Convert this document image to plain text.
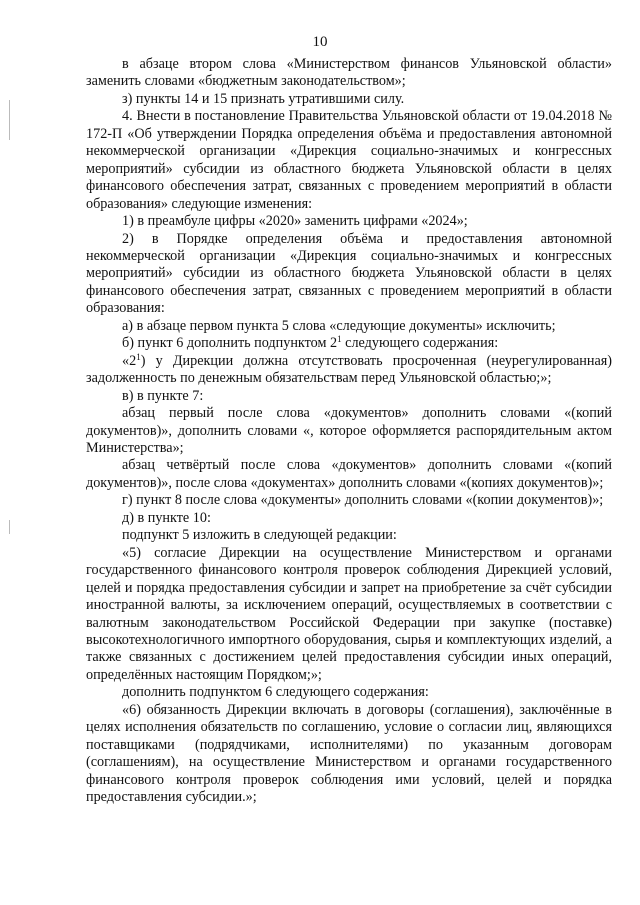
10

в абзаце втором слова «Министерством финансов Ульяновской области» заменить словами «бюджетным законодательством»;

з) пункты 14 и 15 признать утратившими силу.

4. Внести в постановление Правительства Ульяновской области от 19.04.2018 № 172-П «Об утверждении Порядка определения объёма и предоставления автономной некоммерческой организации «Дирекция социально-значимых и конгрессных мероприятий» субсидии из областного бюджета Ульяновской области в целях финансового обеспечения затрат, связанных с проведением мероприятий в области образования» следующие изменения:

1) в преамбуле цифры «2020» заменить цифрами «2024»;

2) в Порядке определения объёма и предоставления автономной некоммерческой организации «Дирекция социально-значимых и конгрессных мероприятий» субсидии из областного бюджета Ульяновской области в целях финансового обеспечения затрат, связанных с проведением мероприятий в области образования:

а) в абзаце первом пункта 5 слова «следующие документы» исключить;

б) пункт 6 дополнить подпунктом $2^1$ следующего содержания:

«$2^1$) у Дирекции должна отсутствовать просроченная (неурегулированная) задолженность по денежным обязательствам перед Ульяновской областью;»;

в) в пункте 7:

абзац первый после слова «документов» дополнить словами «(копий документов)», дополнить словами «, которое оформляется распорядительным актом Министерства»;

абзац четвёртый после слова «документов» дополнить словами «(копий документов)», после слова «документах» дополнить словами «(копиях документов)»;

г) пункт 8 после слова «документы» дополнить словами «(копии документов)»;

д) в пункте 10:

подпункт 5 изложить в следующей редакции:

«5) согласие Дирекции на осуществление Министерством и органами государственного финансового контроля проверок соблюдения Дирекцией условий, целей и порядка предоставления субсидии и запрет на приобретение за счёт субсидии иностранной валюты, за исключением операций, осуществляемых в соответствии с валютным законодательством Российской Федерации при закупке (поставке) высокотехнологичного импортного оборудования, сырья и комплектующих изделий, а также связанных с достижением целей предоставления субсидии иных операций, определённых настоящим Порядком;»;

дополнить подпунктом 6 следующего содержания:

«6) обязанность Дирекции включать в договоры (соглашения), заключённые в целях исполнения обязательств по соглашению, условие о согласии лиц, являющихся поставщиками (подрядчиками, исполнителями) по указанным договорам (соглашениям), на осуществление Министерством и органами государственного финансового контроля проверок соблюдения ими условий, целей и порядка предоставления субсидии.»;
